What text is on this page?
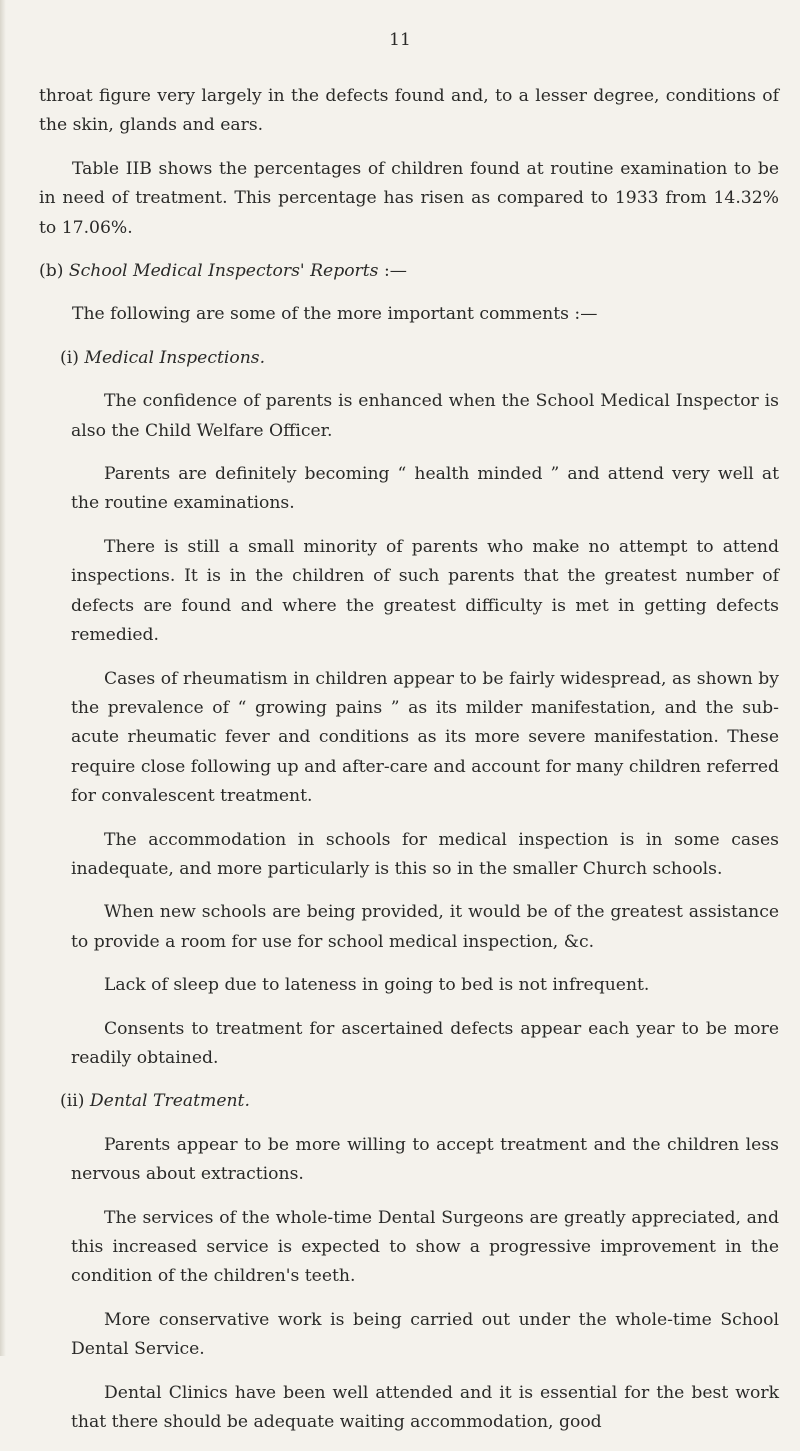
11

throat figure very largely in the defects found and, to a lesser degree, conditions of the skin, glands and ears.

Table IIB shows the percentages of children found at routine examination to be in need of treatment. This percentage has risen as compared to 1933 from 14.32% to 17.06%.

(b) School Medical Inspectors' Reports :—

The following are some of the more important comments :—

(i) Medical Inspections.

The confidence of parents is enhanced when the School Medical Inspector is also the Child Welfare Officer.

Parents are definitely becoming “ health minded ” and attend very well at the routine examinations.

There is still a small minority of parents who make no attempt to attend inspections. It is in the children of such parents that the greatest number of defects are found and where the greatest difficulty is met in getting defects remedied.

Cases of rheumatism in children appear to be fairly widespread, as shown by the prevalence of “ growing pains ” as its milder manifestation, and the sub-acute rheumatic fever and conditions as its more severe manifestation. These require close following up and after-care and account for many children referred for convalescent treatment.

The accommodation in schools for medical inspection is in some cases inadequate, and more particularly is this so in the smaller Church schools.

When new schools are being provided, it would be of the greatest assistance to provide a room for use for school medical inspection, &c.

Lack of sleep due to lateness in going to bed is not infrequent.

Consents to treatment for ascertained defects appear each year to be more readily obtained.

(ii) Dental Treatment.

Parents appear to be more willing to accept treatment and the children less nervous about extractions.

The services of the whole-time Dental Surgeons are greatly appreciated, and this increased service is expected to show a progressive improvement in the condition of the children's teeth.

More conservative work is being carried out under the whole-time School Dental Service.

Dental Clinics have been well attended and it is essential for the best work that there should be adequate waiting accommodation, good
